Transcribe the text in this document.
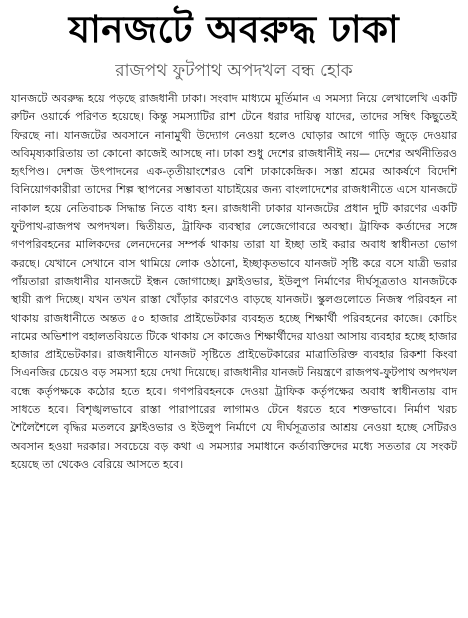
যানজটে অবরুদ্ধ ঢাকা
রাজপথ ফুটপাথ অপদখল বন্ধ হোক

যানজটে অবরুদ্ধ হয়ে পড়ছে রাজধানী ঢাকা। সংবাদ মাধ্যমে মূর্তিমান এ সমস্যা নিয়ে লেখালেখি একটি রুটিন ওয়ার্কে পরিণত হয়েছে। কিন্তু সমস্যাটির রাশ টেনে ধরার দায়িত্ব যাদের, তাদের সম্বিৎ কিছুতেই ফিরছে না। যানজটের অবসানে নানামুখী উদ্যোগ নেওয়া হলেও ঘোড়ার আগে গাড়ি জুড়ে দেওয়ার অবিমৃষ্যকারিতায় তা কোনো কাজেই আসছে না। ঢাকা শুধু দেশের রাজধানীই নয়— দেশের অর্থনীতিরও হৃৎপিণ্ড। দেশজ উৎপাদনের এক-তৃতীয়াংশেরও বেশি ঢাকাকেন্দ্রিক। সস্তা শ্রমের আকর্ষণে বিদেশি বিনিয়োগকারীরা তাদের শিল্প স্থাপনের সম্ভাবতা যাচাইয়ের জন্য বাংলাদেশের রাজধানীতে এসে যানজটে নাকাল হয়ে নেতিবাচক সিদ্ধান্ত নিতে বাধ্য হন। রাজধানী ঢাকার যানজটের প্রধান দুটি কারণের একটি ফুটপাথ-রাজপথ অপদখল। দ্বিতীয়ত, ট্রাফিক ব্যবস্থার লেজেগোবরে অবস্থা। ট্রাফিক কর্তাদের সঙ্গে গণপরিবহনের মালিকদের লেনদেনের সম্পর্ক থাকায় তারা যা ইচ্ছা তাই করার অবাধ স্বাধীনতা ভোগ করছে। যেখানে সেখানে বাস থামিয়ে লোক ওঠানো, ইচ্ছাকৃতভাবে যানজট সৃষ্টি করে বসে যাত্রী ভরার পাঁয়তারা রাজধানীর যানজটে ইন্ধন জোগাচ্ছে। ফ্লাইওভার, ইউলুপ নির্মাণের দীর্ঘসূত্রতাও যানজটকে স্থায়ী রূপ দিচ্ছে। যখন তখন রাস্তা খোঁড়ার কারণেও বাড়ছে যানজট। স্কুলগুলোতে নিজস্ব পরিবহন না থাকায় রাজধানীতে অন্তত ৫০ হাজার প্রাইভেটকার ব্যবহৃত হচ্ছে শিক্ষার্থী পরিবহনের কাজে। কোচিং নামের অভিশাপ বহালতবিয়তে টিকে থাকায় সে কাজেও শিক্ষার্থীদের যাওয়া আসায় ব্যবহার হচ্ছে হাজার হাজার প্রাইভেটকার। রাজধানীতে যানজট সৃষ্টিতে প্রাইভেটকারের মাত্রাতিরিক্ত ব্যবহার রিকশা কিংবা সিএনজির চেয়েও বড় সমস্যা হয়ে দেখা দিয়েছে। রাজধানীর যানজট নিয়ন্ত্রণে রাজপথ-ফুটপাথ অপদখল বন্ধে কর্তৃপক্ষকে কঠোর হতে হবে। গণপরিবহনকে দেওয়া ট্রাফিক কর্তৃপক্ষের অবাধ স্বাধীনতায় বাদ সাধতে হবে। বিশৃঙ্খলভাবে রাস্তা পারাপারের লাগামও টেনে ধরতে হবে শক্তভাবে। নির্মাণ খরচ শৈলৈশৈলে বৃদ্ধির মতলবে ফ্লাইওভার ও ইউলুপ নির্মাণে যে দীর্ঘসূত্রতার আশ্রয় নেওয়া হচ্ছে সেটিরও অবসান হওয়া দরকার। সবচেয়ে বড় কথা এ সমস্যার সমাধানে কর্তাব্যক্তিদের মধ্যে সততার যে সংকট হয়েছে তা থেকেও বেরিয়ে আসতে হবে।
